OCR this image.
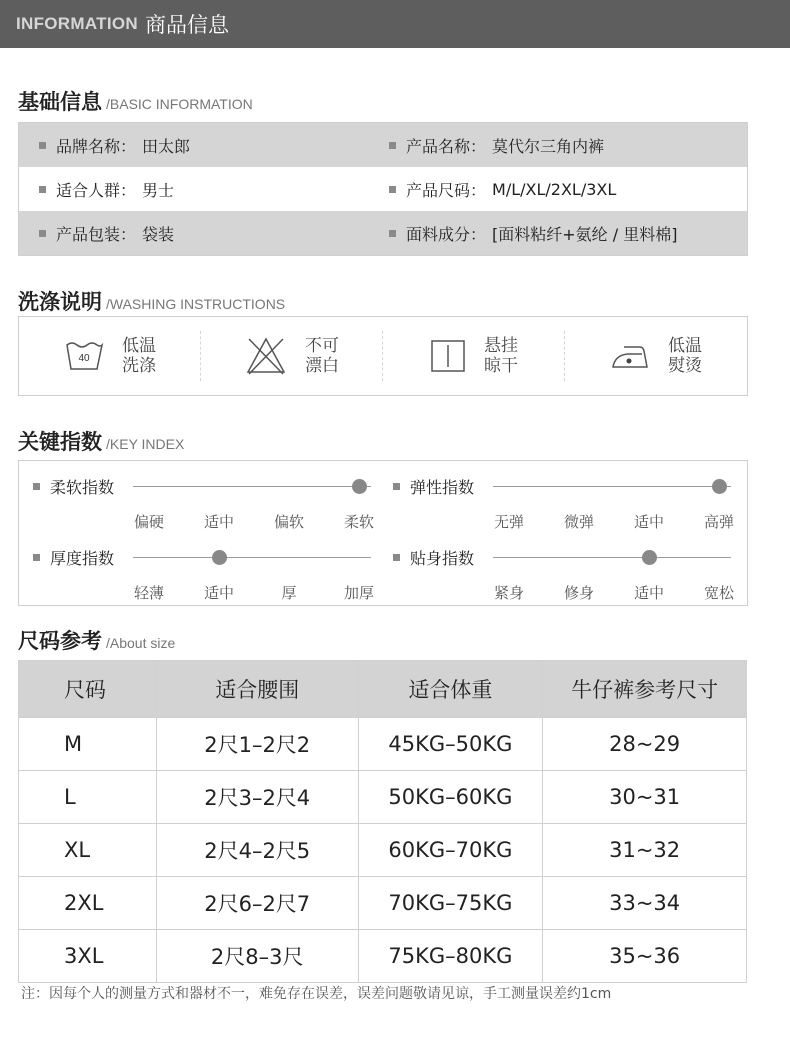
INFORMATION 商品信息
基础信息 /BASIC INFORMATION
品牌名称： 田太郎	产品名称： 莫代尔三角内裤
适合人群： 男士	产品尺码： M/L/XL/2XL/3XL
产品包装： 袋装	面料成分： [面料粘纤+氨纶 / 里料棉]
洗涤说明 /WASHING INSTRUCTIONS
40
低温
洗涤
不可
漂白
悬挂
晾干
低温
熨烫
关键指数 /KEY INDEX
柔软指数
偏硬	适中	偏软	柔软
弹性指数
无弹	微弹	适中	高弹
厚度指数
轻薄	适中	厚	加厚
贴身指数
紧身	修身	适中	宽松
尺码参考 /About size
尺码	适合腰围	适合体重	牛仔裤参考尺寸
M	2尺1–2尺2	45KG–50KG	28~29
L	2尺3–2尺4	50KG–60KG	30~31
XL	2尺4–2尺5	60KG–70KG	31~32
2XL	2尺6–2尺7	70KG–75KG	33~34
3XL	2尺8–3尺	75KG–80KG	35~36
注：因每个人的测量方式和器材不一，难免存在误差，误差问题敬请见谅，手工测量误差约1cm
